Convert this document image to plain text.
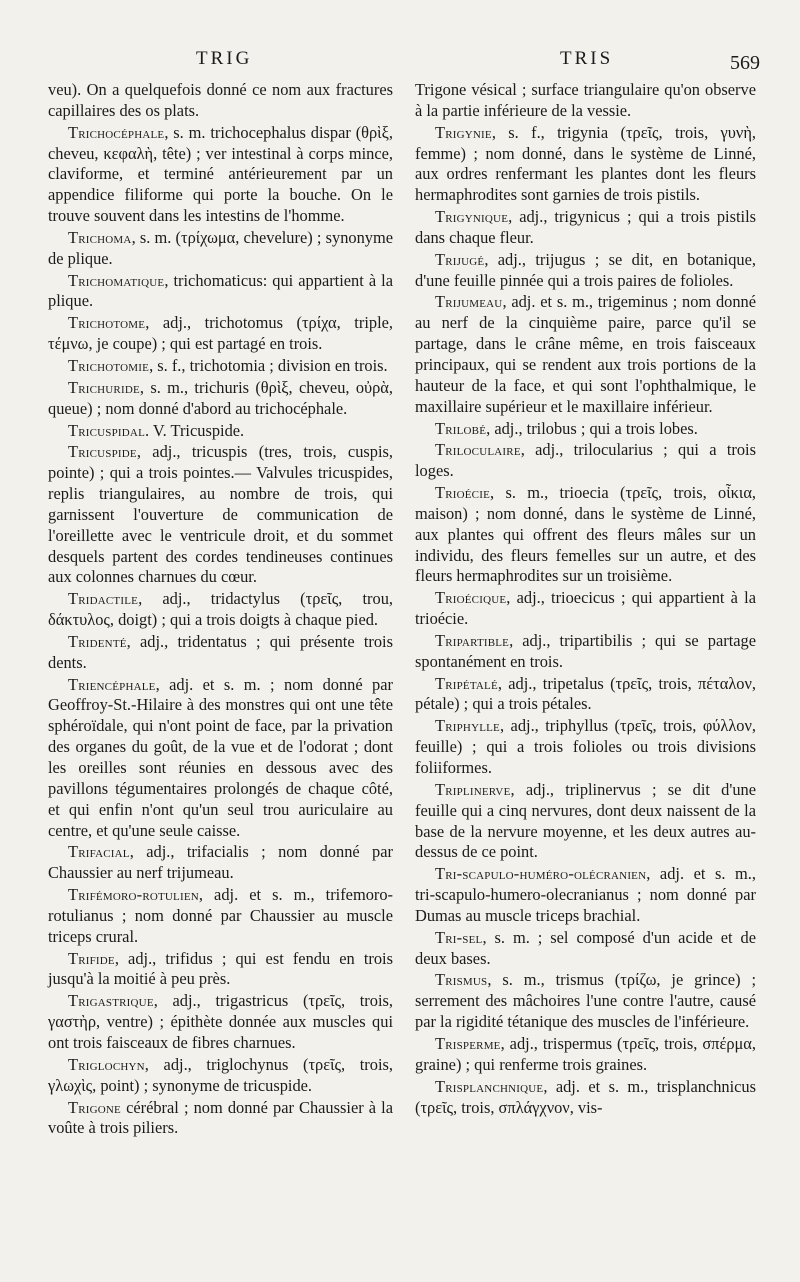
TRIG	TRIS	569

veu). On a quelquefois donné ce nom aux fractures capillaires des os plats.

Trichocéphale, s. m. trichocephalus dispar (θρὶξ, cheveu, κεφαλὴ, tête) ; ver intestinal à corps mince, claviforme, et terminé antérieurement par un appendice filiforme qui porte la bouche. On le trouve souvent dans les intestins de l'homme.

Trichoma, s. m. (τρίχωμα, chevelure) ; synonyme de plique.

Trichomatique, trichomaticus: qui appartient à la plique.

Trichotome, adj., trichotomus (τρίχα, triple, τέμνω, je coupe) ; qui est partagé en trois.

Trichotomie, s. f., trichotomia ; division en trois.

Trichuride, s. m., trichuris (θρὶξ, cheveu, οὐρὰ, queue) ; nom donné d'abord au trichocéphale.

Tricuspidal. V. Tricuspide.

Tricuspide, adj., tricuspis (tres, trois, cuspis, pointe) ; qui a trois pointes.— Valvules tricuspides, replis triangulaires, au nombre de trois, qui garnissent l'ouverture de communication de l'oreillette avec le ventricule droit, et du sommet desquels partent des cordes tendineuses continues aux colonnes charnues du cœur.

Tridactile, adj., tridactylus (τρεῖς, trou, δάκτυλος, doigt) ; qui a trois doigts à chaque pied.

Tridenté, adj., tridentatus ; qui présente trois dents.

Triencéphale, adj. et s. m. ; nom donné par Geoffroy-St.-Hilaire à des monstres qui ont une tête sphéroïdale, qui n'ont point de face, par la privation des organes du goût, de la vue et de l'odorat ; dont les oreilles sont réunies en dessous avec des pavillons tégumentaires prolongés de chaque côté, et qui enfin n'ont qu'un seul trou auriculaire au centre, et qu'une seule caisse.

Trifacial, adj., trifacialis ; nom donné par Chaussier au nerf trijumeau.

Trifémoro-rotulien, adj. et s. m., trifemoro-rotulianus ; nom donné par Chaussier au muscle triceps crural.

Trifide, adj., trifidus ; qui est fendu en trois jusqu'à la moitié à peu près.

Trigastrique, adj., trigastricus (τρεῖς, trois, γαστὴρ, ventre) ; épithète donnée aux muscles qui ont trois faisceaux de fibres charnues.

Triglochyn, adj., triglochynus (τρεῖς, trois, γλωχὶς, point) ; synonyme de tricuspide.

Trigone cérébral ; nom donné par Chaussier à la voûte à trois piliers.

Trigone vésical ; surface triangulaire qu'on observe à la partie inférieure de la vessie.

Trigynie, s. f., trigynia (τρεῖς, trois, γυνὴ, femme) ; nom donné, dans le système de Linné, aux ordres renfermant les plantes dont les fleurs hermaphrodites sont garnies de trois pistils.

Trigynique, adj., trigynicus ; qui a trois pistils dans chaque fleur.

Trijugé, adj., trijugus ; se dit, en botanique, d'une feuille pinnée qui a trois paires de folioles.

Trijumeau, adj. et s. m., trigeminus ; nom donné au nerf de la cinquième paire, parce qu'il se partage, dans le crâne même, en trois faisceaux principaux, qui se rendent aux trois portions de la hauteur de la face, et qui sont l'ophthalmique, le maxillaire supérieur et le maxillaire inférieur.

Trilobé, adj., trilobus ; qui a trois lobes.

Triloculaire, adj., trilocularius ; qui a trois loges.

Trioécie, s. m., trioecia (τρεῖς, trois, οἶκια, maison) ; nom donné, dans le système de Linné, aux plantes qui offrent des fleurs mâles sur un individu, des fleurs femelles sur un autre, et des fleurs hermaphrodites sur un troisième.

Trioécique, adj., trioecicus ; qui appartient à la trioécie.

Tripartible, adj., tripartibilis ; qui se partage spontanément en trois.

Tripétalé, adj., tripetalus (τρεῖς, trois, πέταλον, pétale) ; qui a trois pétales.

Triphylle, adj., triphyllus (τρεῖς, trois, φύλλον, feuille) ; qui a trois folioles ou trois divisions foliiformes.

Triplinerve, adj., triplinervus ; se dit d'une feuille qui a cinq nervures, dont deux naissent de la base de la nervure moyenne, et les deux autres au-dessus de ce point.

Tri-scapulo-huméro-olécranien, adj. et s. m., tri-scapulo-humero-olecranianus ; nom donné par Dumas au muscle triceps brachial.

Tri-sel, s. m. ; sel composé d'un acide et de deux bases.

Trismus, s. m., trismus (τρίζω, je grince) ; serrement des mâchoires l'une contre l'autre, causé par la rigidité tétanique des muscles de l'inférieure.

Trisperme, adj., trispermus (τρεῖς, trois, σπέρμα, graine) ; qui renferme trois graines.

Trisplanchnique, adj. et s. m., trisplanchnicus (τρεῖς, trois, σπλάγχνον, vis-
